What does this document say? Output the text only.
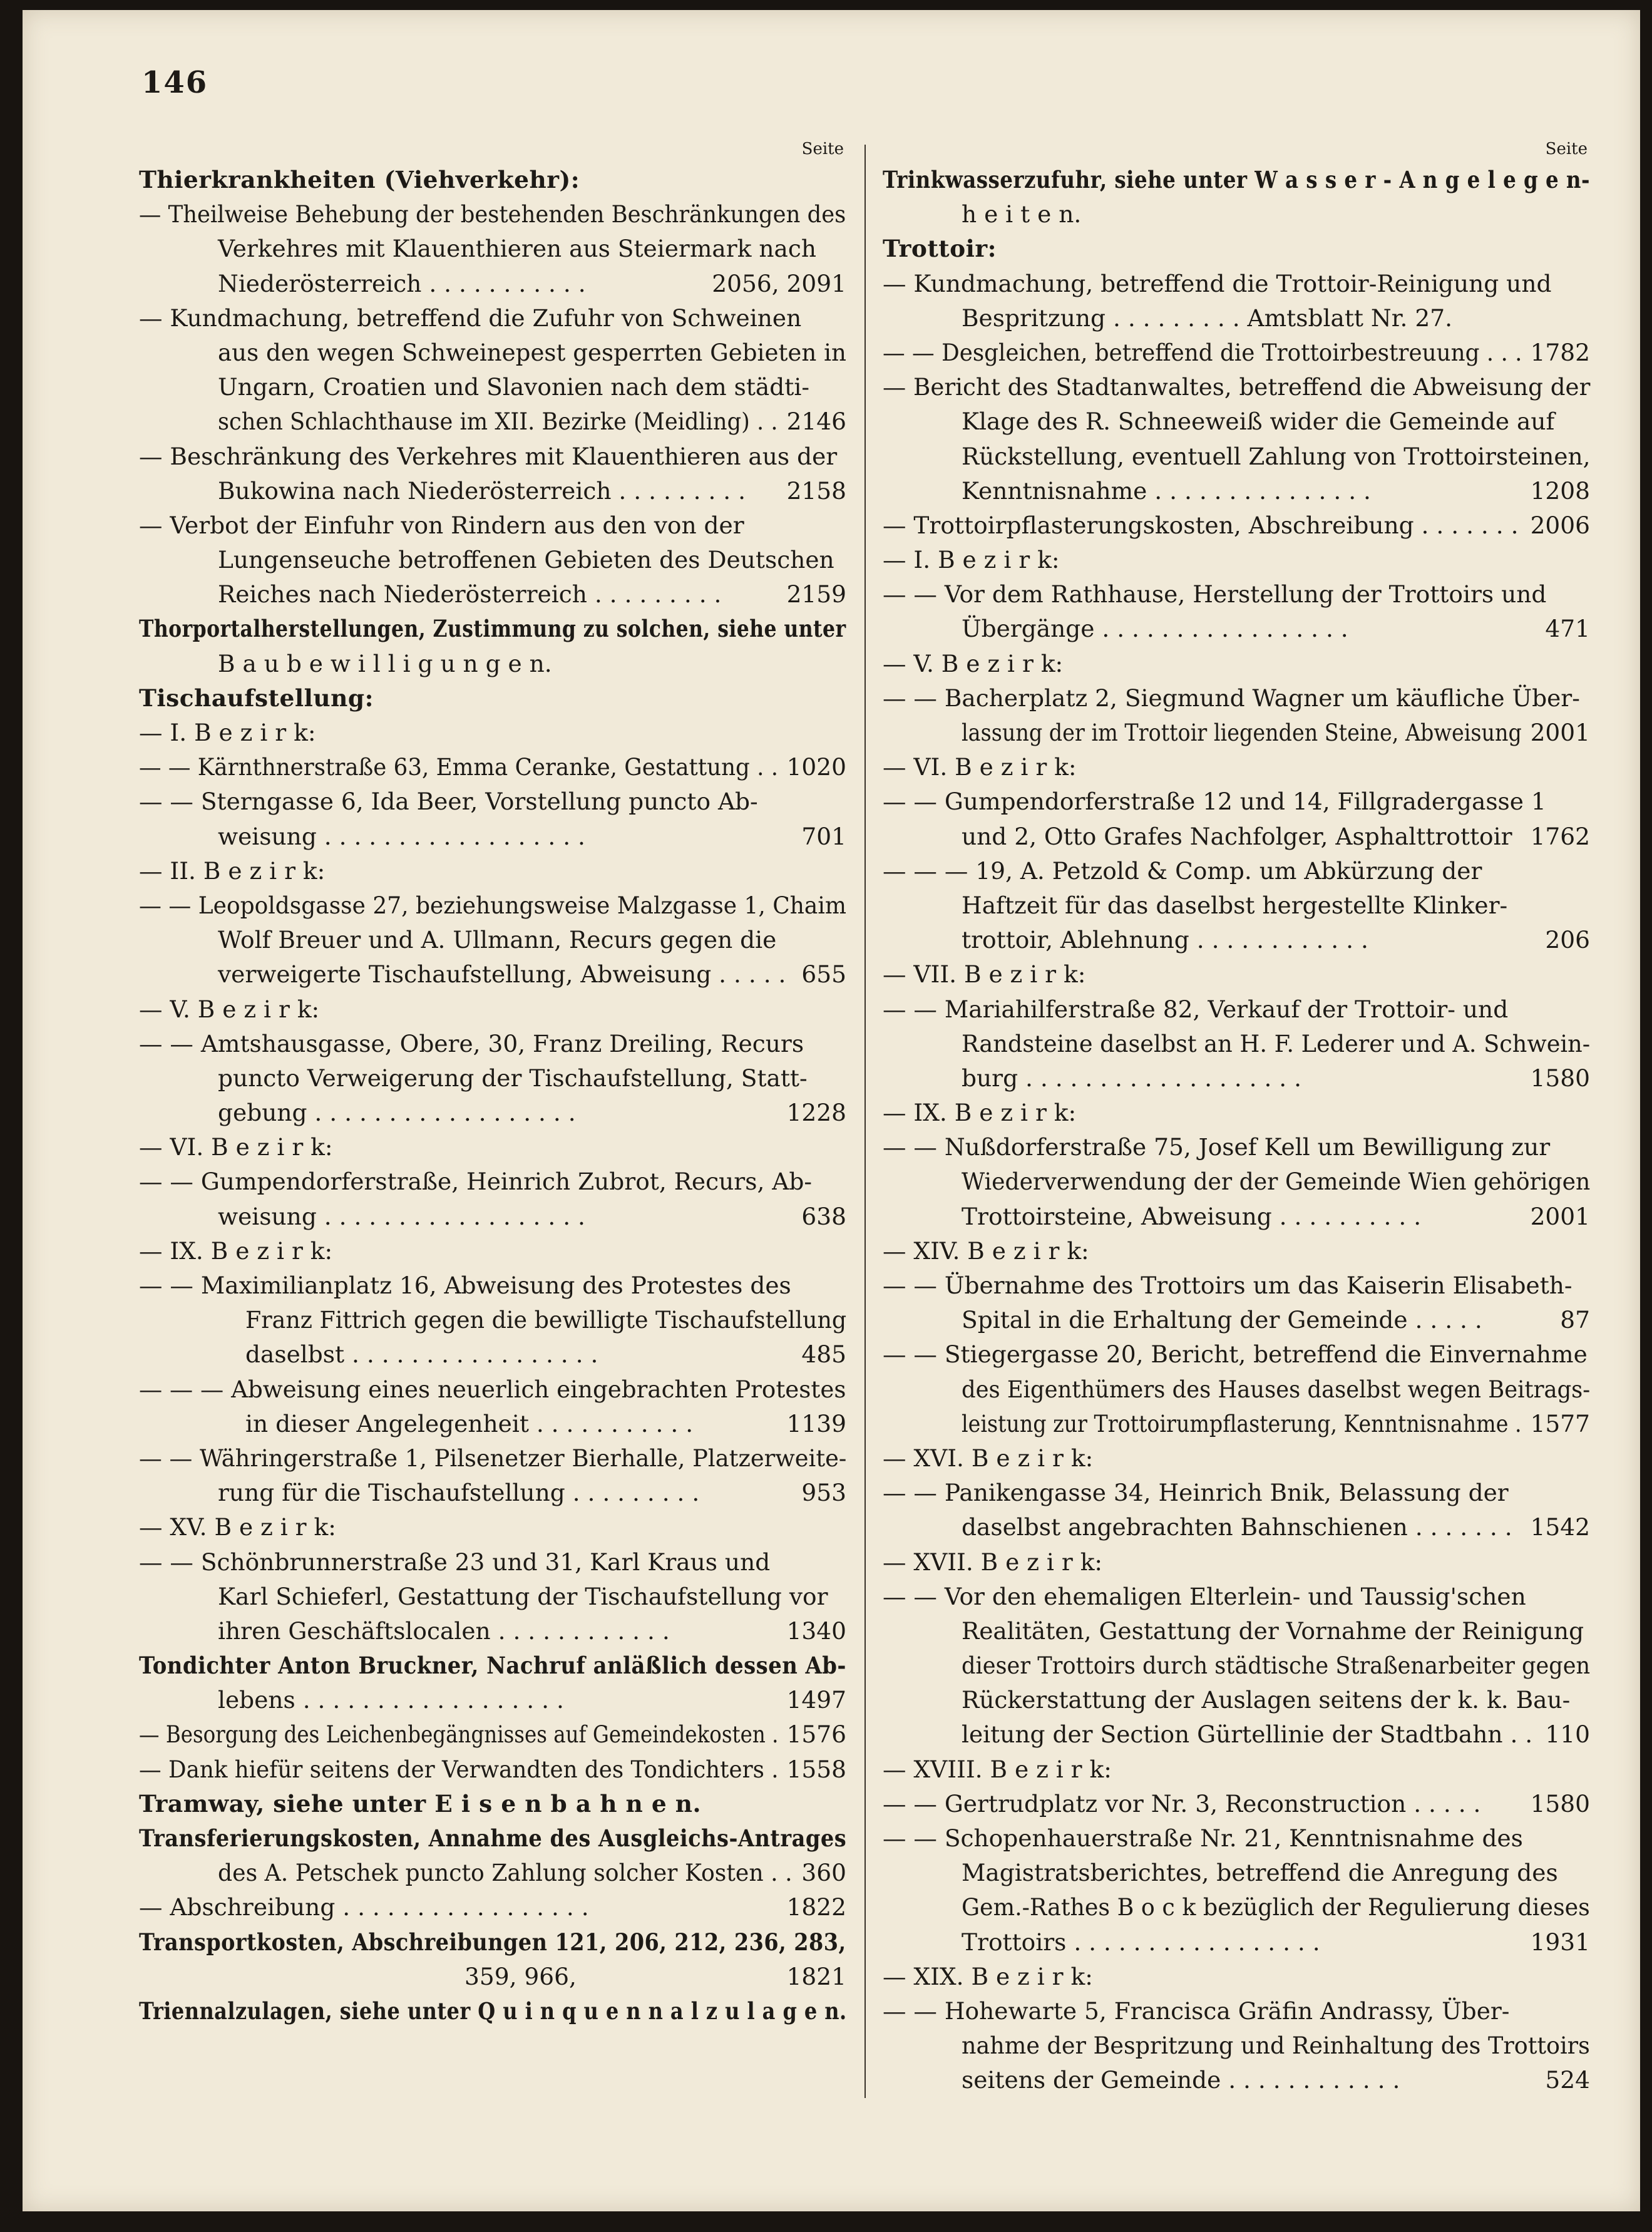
146
Seite
Thierkrankheiten (Viehverkehr):
— Theilweise Behebung der bestehenden Beschränkungen des
Verkehres mit Klauenthieren aus Steiermark nach
Niederösterreich . . . . . . . . . . .	2056, 2091
— Kundmachung, betreffend die Zufuhr von Schweinen
aus den wegen Schweinepest gesperrten Gebieten in
Ungarn, Croatien und Slavonien nach dem städti-
schen Schlachthause im XII. Bezirke (Meidling) . . 2146
— Beschränkung des Verkehres mit Klauenthieren aus der
Bukowina nach Niederösterreich . . . . . . . . . 2158
— Verbot der Einfuhr von Rindern aus den von der
Lungenseuche betroffenen Gebieten des Deutschen
Reiches nach Niederösterreich . . . . . . . . .	2159
Thorportalherstellungen, Zustimmung zu solchen, siehe unter
B a u b e w i l l i g u n g e n.
Tischaufstellung:
— I. B e z i r k:
— — Kärnthnerstraße 63, Emma Ceranke, Gestattung . . 1020
— — Sterngasse 6, Ida Beer, Vorstellung puncto Ab-
weisung . . . . . . . . . . . . . . . . . .	701
— II. B e z i r k:
— — Leopoldsgasse 27, beziehungsweise Malzgasse 1, Chaim
Wolf Breuer und A. Ullmann, Recurs gegen die
verweigerte Tischaufstellung, Abweisung . . . . . 655
— V. B e z i r k:
— — Amtshausgasse, Obere, 30, Franz Dreiling, Recurs
puncto Verweigerung der Tischaufstellung, Statt-
gebung . . . . . . . . . . . . . . . . . .	1228
— VI. B e z i r k:
— — Gumpendorferstraße, Heinrich Zubrot, Recurs, Ab-
weisung . . . . . . . . . . . . . . . . . .	638
— IX. B e z i r k:
— — Maximilianplatz 16, Abweisung des Protestes des
Franz Fittrich gegen die bewilligte Tischaufstellung
daselbst . . . . . . . . . . . . . . . . .	485
— — — Abweisung eines neuerlich eingebrachten Protestes
in dieser Angelegenheit . . . . . . . . . . .	1139
— — Währingerstraße 1, Pilsenetzer Bierhalle, Platzerweite-
rung für die Tischaufstellung . . . . . . . . .	953
— XV. B e z i r k:
— — Schönbrunnerstraße 23 und 31, Karl Kraus und
Karl Schieferl, Gestattung der Tischaufstellung vor
ihren Geschäftslocalen . . . . . . . . . . . .	1340
Tondichter Anton Bruckner, Nachruf anläßlich dessen Ab-
lebens . . . . . . . . . . . . . . . . . .	1497
— Besorgung des Leichenbegängnisses auf Gemeindekosten . 1576
— Dank hiefür seitens der Verwandten des Tondichters . 1558
Tramway, siehe unter E i s e n b a h n e n.
Transferierungskosten, Annahme des Ausgleichs-Antrages
des A. Petschek puncto Zahlung solcher Kosten . . 360
— Abschreibung . . . . . . . . . . . . . . . . .	1822
Transportkosten, Abschreibungen 121, 206, 212, 236, 283,
359, 966,	1821
Triennalzulagen, siehe unter Q u i n q u e n n a l z u l a g e n.
Seite
Trinkwasserzufuhr, siehe unter W a s s e r - A n g e l e g e n-
h e i t e n.
Trottoir:
— Kundmachung, betreffend die Trottoir-Reinigung und
Bespritzung . . . . . . . . . Amtsblatt Nr. 27.
— — Desgleichen, betreffend die Trottoirbestreuung . . . 1782
— Bericht des Stadtanwaltes, betreffend die Abweisung der
Klage des R. Schneeweiß wider die Gemeinde auf
Rückstellung, eventuell Zahlung von Trottoirsteinen,
Kenntnisnahme . . . . . . . . . . . . . . .	1208
— Trottoirpflasterungskosten, Abschreibung . . . . . . . 2006
— I. B e z i r k:
— — Vor dem Rathhause, Herstellung der Trottoirs und
Übergänge . . . . . . . . . . . . . . . . .	471
— V. B e z i r k:
— — Bacherplatz 2, Siegmund Wagner um käufliche Über-
lassung der im Trottoir liegenden Steine, Abweisung 2001
— VI. B e z i r k:
— — Gumpendorferstraße 12 und 14, Fillgradergasse 1
und 2, Otto Grafes Nachfolger, Asphalttrottoir 1762
— — — 19, A. Petzold & Comp. um Abkürzung der
Haftzeit für das daselbst hergestellte Klinker-
trottoir, Ablehnung . . . . . . . . . . . .	206
— VII. B e z i r k:
— — Mariahilferstraße 82, Verkauf der Trottoir- und
Randsteine daselbst an H. F. Lederer und A. Schwein-
burg . . . . . . . . . . . . . . . . . . .	1580
— IX. B e z i r k:
— — Nußdorferstraße 75, Josef Kell um Bewilligung zur
Wiederverwendung der der Gemeinde Wien gehörigen
Trottoirsteine, Abweisung . . . . . . . . . .	2001
— XIV. B e z i r k:
— — Übernahme des Trottoirs um das Kaiserin Elisabeth-
Spital in die Erhaltung der Gemeinde . . . . .	87
— — Stiegergasse 20, Bericht, betreffend die Einvernahme
des Eigenthümers des Hauses daselbst wegen Beitrags-
leistung zur Trottoirumpflasterung, Kenntnisnahme . 1577
— XVI. B e z i r k:
— — Panikengasse 34, Heinrich Bnik, Belassung der
daselbst angebrachten Bahnschienen . . . . . . . 1542
— XVII. B e z i r k:
— — Vor den ehemaligen Elterlein- und Taussig'schen
Realitäten, Gestattung der Vornahme der Reinigung
dieser Trottoirs durch städtische Straßenarbeiter gegen
Rückerstattung der Auslagen seitens der k. k. Bau-
leitung der Section Gürtellinie der Stadtbahn . . 110
— XVIII. B e z i r k:
— — Gertrudplatz vor Nr. 3, Reconstruction . . . . . 1580
— — Schopenhauerstraße Nr. 21, Kenntnisnahme des
Magistratsberichtes, betreffend die Anregung des
Gem.-Rathes B o c k bezüglich der Regulierung dieses
Trottoirs . . . . . . . . . . . . . . . . .	1931
— XIX. B e z i r k:
— — Hohewarte 5, Francisca Gräfin Andrassy, Über-
nahme der Bespritzung und Reinhaltung des Trottoirs
seitens der Gemeinde . . . . . . . . . . . .	524
